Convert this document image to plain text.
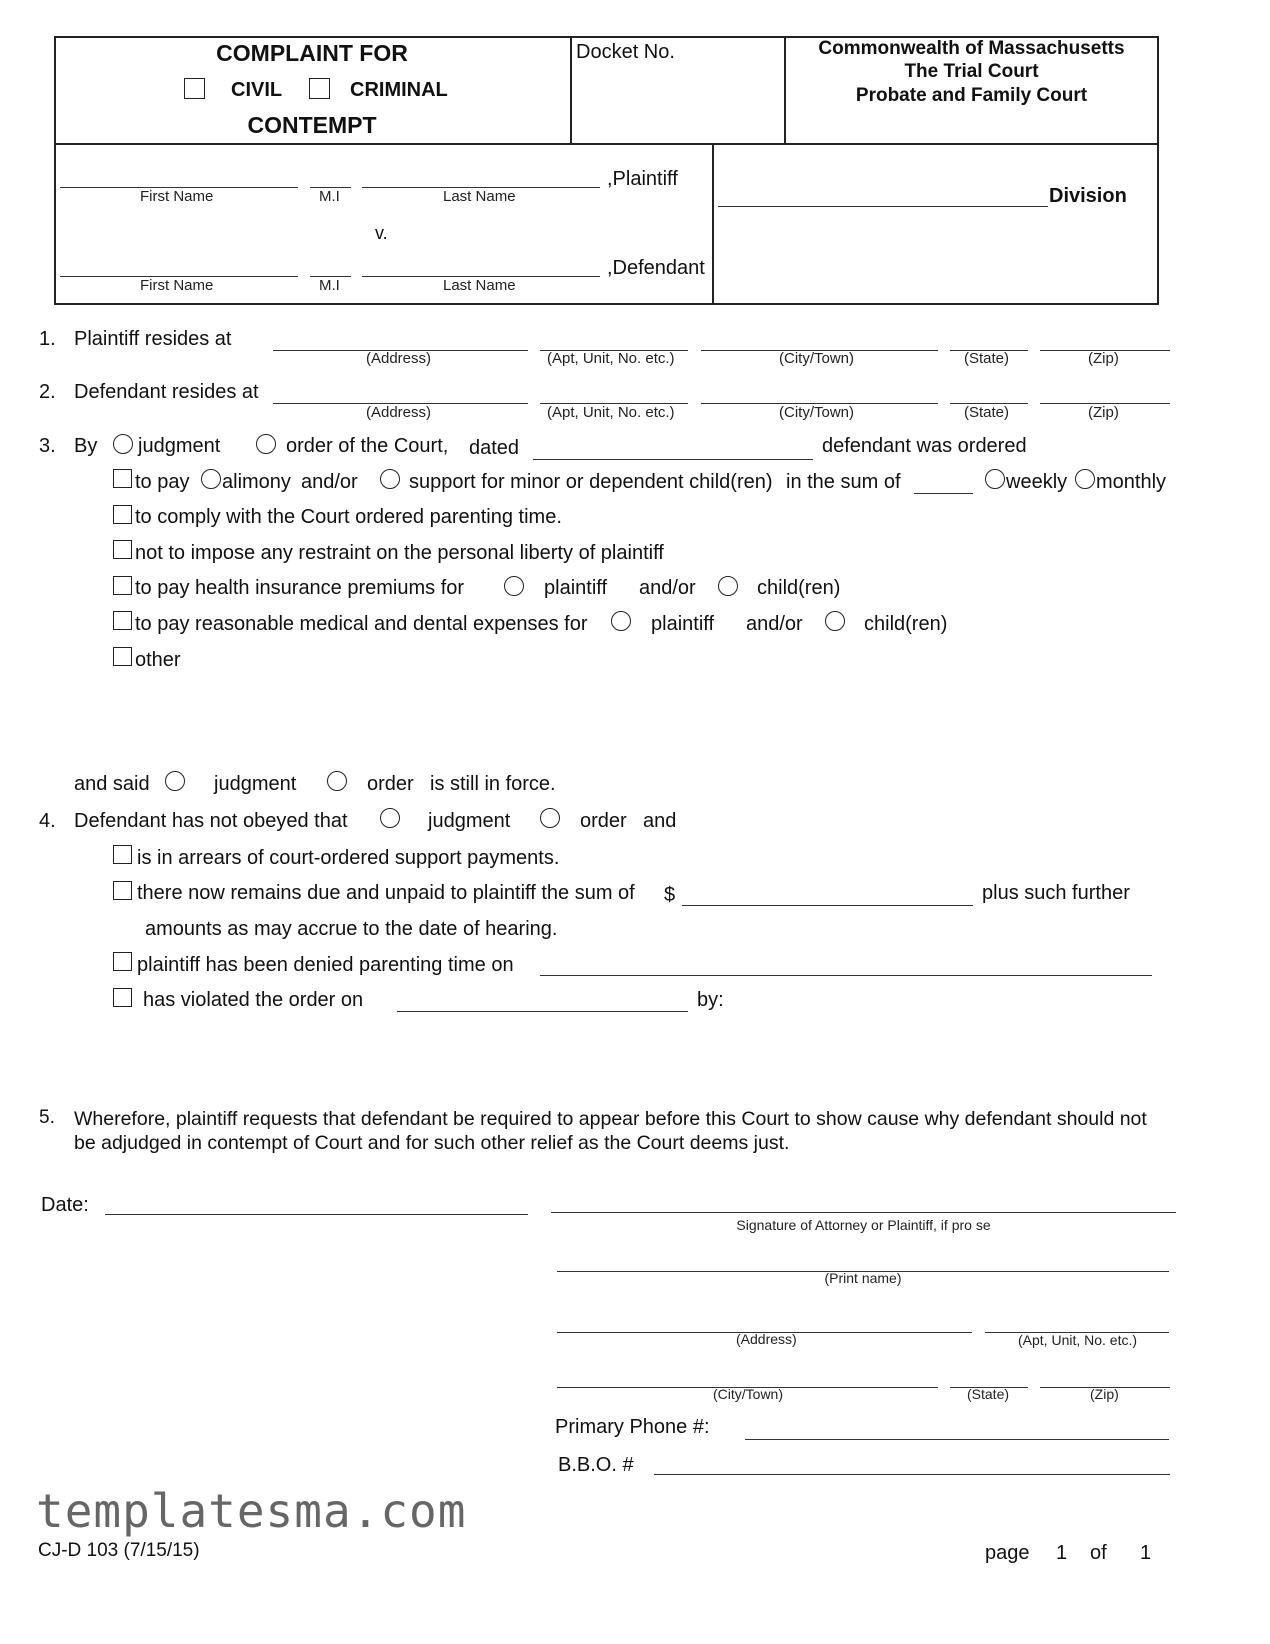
COMPLAINT FOR
CIVIL	CRIMINAL
CONTEMPT
Docket No.	Commonwealth of Massachusetts
The Trial Court
Probate and Family Court
First Name	M.I	Last Name
,Plaintiff
v.
First Name	M.I	Last Name
,Defendant
Division
1. Plaintiff resides at
(Address)	(Apt, Unit, No. etc.)	(City/Town)	(State)	(Zip)
2. Defendant resides at
(Address)	(Apt, Unit, No. etc.)	(City/Town)	(State)	(Zip)
3. By judgment	order of the Court, dated	defendant was ordered
to pay alimony and/or	support for minor or dependent child(ren) in the sum of	weekly monthly
to comply with the Court ordered parenting time.
not to impose any restraint on the personal liberty of plaintiff
to pay health insurance premiums for	plaintiff and/or	child(ren)
to pay reasonable medical and dental expenses for	plaintiff and/or	child(ren)
other
and said	judgment	order is still in force.
4. Defendant has not obeyed that	judgment	order and
is in arrears of court-ordered support payments.
there now remains due and unpaid to plaintiff the sum of $	plus such further
amounts as may accrue to the date of hearing.
plaintiff has been denied parenting time on
has violated the order on	by:
5. Wherefore, plaintiff requests that defendant be required to appear before this Court to show cause why defendant should not
be adjudged in contempt of Court and for such other relief as the Court deems just.
Date:
Signature of Attorney or Plaintiff, if pro se
(Print name)
(Address)	(Apt, Unit, No. etc.)
(City/Town)	(State)	(Zip)
Primary Phone #:
B.B.O. #
templatesma.com
CJ-D 103 (7/15/15)	page 1 of 1
